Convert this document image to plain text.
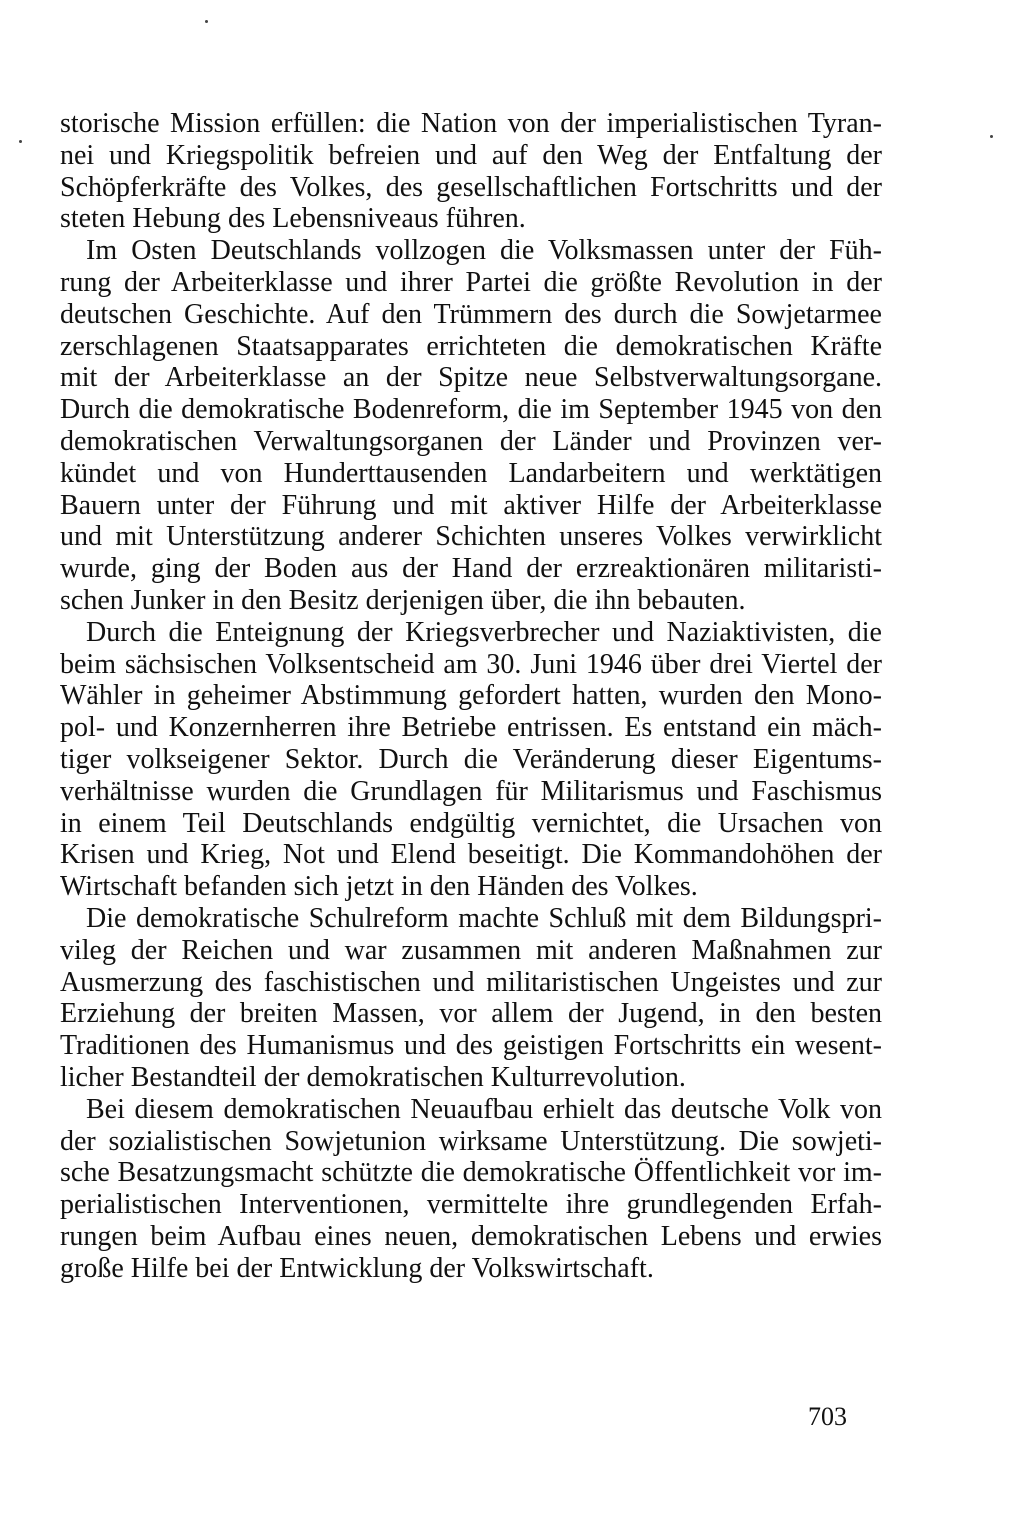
storische Mission erfüllen: die Nation von der imperialistischen Tyran-
nei und Kriegspolitik befreien und auf den Weg der Entfaltung der
Schöpferkräfte des Volkes, des gesellschaftlichen Fortschritts und der
steten Hebung des Lebensniveaus führen.
Im Osten Deutschlands vollzogen die Volksmassen unter der Füh-
rung der Arbeiterklasse und ihrer Partei die größte Revolution in der
deutschen Geschichte. Auf den Trümmern des durch die Sowjetarmee
zerschlagenen Staatsapparates errichteten die demokratischen Kräfte
mit der Arbeiterklasse an der Spitze neue Selbstverwaltungsorgane.
Durch die demokratische Bodenreform, die im September 1945 von den
demokratischen Verwaltungsorganen der Länder und Provinzen ver-
kündet und von Hunderttausenden Landarbeitern und werktätigen
Bauern unter der Führung und mit aktiver Hilfe der Arbeiterklasse
und mit Unterstützung anderer Schichten unseres Volkes verwirklicht
wurde, ging der Boden aus der Hand der erzreaktionären militaristi-
schen Junker in den Besitz derjenigen über, die ihn bebauten.
Durch die Enteignung der Kriegsverbrecher und Naziaktivisten, die
beim sächsischen Volksentscheid am 30. Juni 1946 über drei Viertel der
Wähler in geheimer Abstimmung gefordert hatten, wurden den Mono-
pol- und Konzernherren ihre Betriebe entrissen. Es entstand ein mäch-
tiger volkseigener Sektor. Durch die Veränderung dieser Eigentums-
verhältnisse wurden die Grundlagen für Militarismus und Faschismus
in einem Teil Deutschlands endgültig vernichtet, die Ursachen von
Krisen und Krieg, Not und Elend beseitigt. Die Kommandohöhen der
Wirtschaft befanden sich jetzt in den Händen des Volkes.
Die demokratische Schulreform machte Schluß mit dem Bildungspri-
vileg der Reichen und war zusammen mit anderen Maßnahmen zur
Ausmerzung des faschistischen und militaristischen Ungeistes und zur
Erziehung der breiten Massen, vor allem der Jugend, in den besten
Traditionen des Humanismus und des geistigen Fortschritts ein wesent-
licher Bestandteil der demokratischen Kulturrevolution.
Bei diesem demokratischen Neuaufbau erhielt das deutsche Volk von
der sozialistischen Sowjetunion wirksame Unterstützung. Die sowjeti-
sche Besatzungsmacht schützte die demokratische Öffentlichkeit vor im-
perialistischen Interventionen, vermittelte ihre grundlegenden Erfah-
rungen beim Aufbau eines neuen, demokratischen Lebens und erwies
große Hilfe bei der Entwicklung der Volkswirtschaft.
703
